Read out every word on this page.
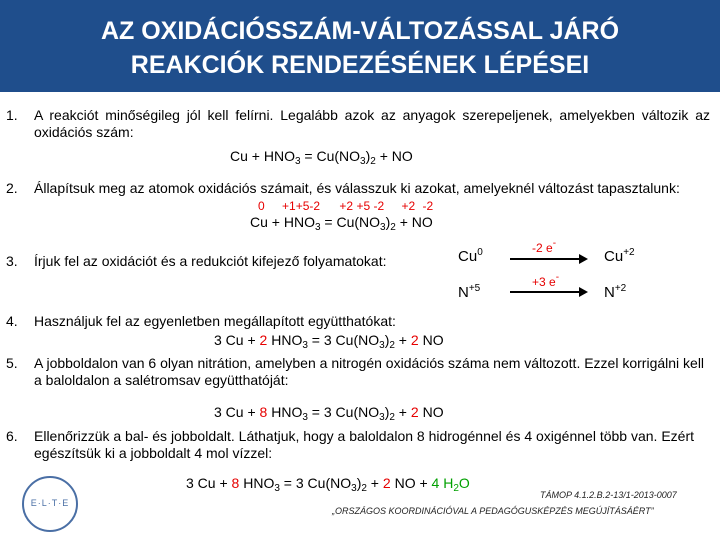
AZ OXIDÁCIÓSSZÁM-VÁLTOZÁSSAL JÁRÓ
REAKCIÓK RENDEZÉSÉNEK LÉPÉSEI
1. A reakciót minőségileg jól kell felírni. Legalább azok az anyagok szerepeljenek, amelyekben változik az oxidációs szám:
$Cu + HNO_3 = Cu(NO_3)_2$ + NO
2. Állapítsuk meg az atomok oxidációs számait, és válasszuk ki azokat, amelyeknél változást tapasztalunk:
0 +1+5-2 +2 +5 -2 +2 -2
$Cu + HNO_3 = Cu(NO_3)_2$ + NO
3. Írjuk fel az oxidációt és a redukciót kifejező folyamatokat:	Cu$^0$	-2 e-
$Cu^{+2}$
$N^{+5}$	+3 e-
$N^{+2}$
4. Használjuk fel az egyenletben megállapított együtthatókat:
3 Cu + 2 $HNO_3 = 3$ $Cu(NO_3)_2 + 2$ NO
5. A jobboldalon van 6 olyan nitrátion, amelyben a nitrogén oxidációs száma nem változott. Ezzel korrigálni kell a baloldalon a salétromsav együtthatóját:
3 Cu + 8 $HNO_3 = 3$ $Cu(NO_3)_2 + 2$ NO
6. Ellenőrizzük a bal- és jobboldalt. Láthatjuk, hogy a baloldalon 8 hidrogénnel és 4 oxigénnel több van. Ezért egészítsük ki a jobboldalt 4 mol vízzel:
3 Cu + 8 $HNO_3 = 3$ $Cu(NO_3)_2 + 2$ NO + 4 $H_2O$
E·L·T·E
TÁMOP 4.1.2.B.2-13/1-2013-0007
„ORSZÁGOS KOORDINÁCIÓVAL A PEDAGÓGUSKÉPZÉS MEGÚJÍTÁSÁÉRT”
